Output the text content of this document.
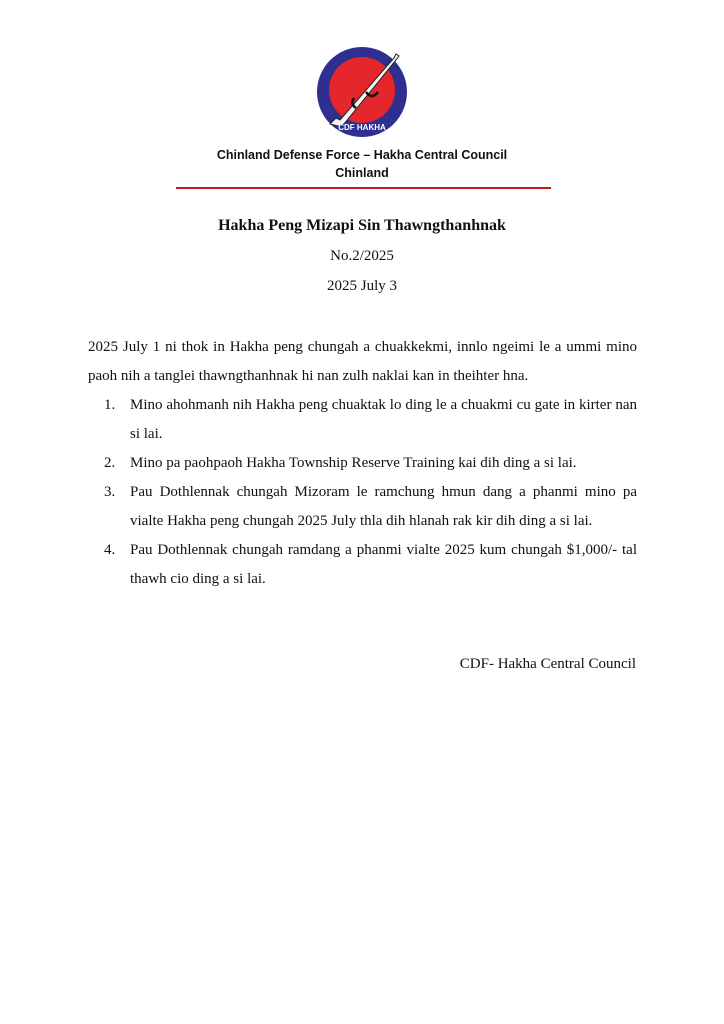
CDF HAKHA
Chinland Defense Force – Hakha Central Council
Chinland
Hakha Peng Mizapi Sin Thawngthanhnak
No.2/2025
2025 July 3

2025 July 1 ni thok in Hakha peng chungah a chuakkekmi, innlo ngeimi le a ummi mino paoh nih a tanglei thawngthanhnak hi nan zulh naklai kan in theihter hna.

1. Mino ahohmanh nih Hakha peng chuaktak lo ding le a chuakmi cu gate in kirter nan si lai.
2. Mino pa paohpaoh Hakha Township Reserve Training kai dih ding a si lai.
3. Pau Dothlennak chungah Mizoram le ramchung hmun dang a phanmi mino pa vialte Hakha peng chungah 2025 July thla dih hlanah rak kir dih ding a si lai.
4. Pau Dothlennak chungah ramdang a phanmi vialte 2025 kum chungah $1,000/- tal thawh cio ding a si lai.
CDF- Hakha Central Council
